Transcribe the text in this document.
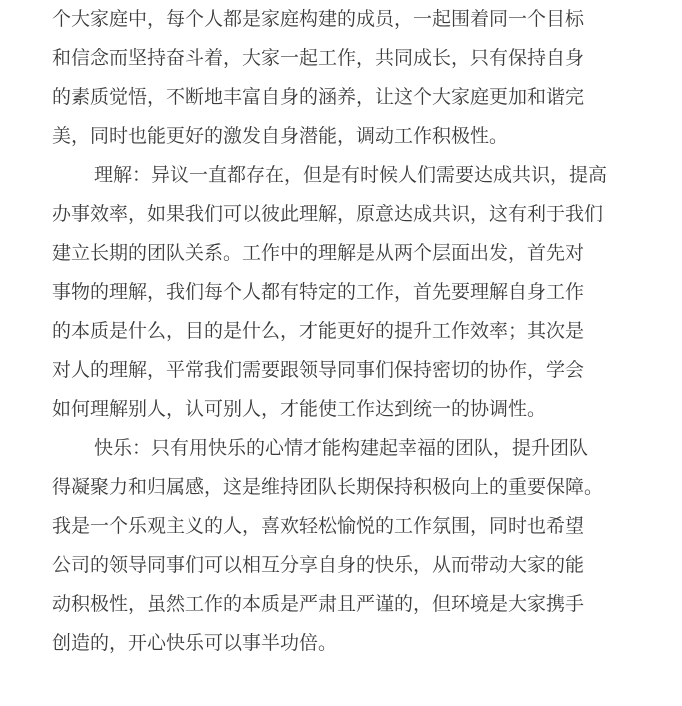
个大家庭中，每个人都是家庭构建的成员，一起围着同一个目标
和信念而坚持奋斗着，大家一起工作，共同成长，只有保持自身
的素质觉悟，不断地丰富自身的涵养，让这个大家庭更加和谐完
美，同时也能更好的激发自身潜能，调动工作积极性。
理解：异议一直都存在，但是有时候人们需要达成共识，提高
办事效率，如果我们可以彼此理解，原意达成共识，这有利于我们
建立长期的团队关系。工作中的理解是从两个层面出发，首先对
事物的理解，我们每个人都有特定的工作，首先要理解自身工作
的本质是什么，目的是什么，才能更好的提升工作效率；其次是
对人的理解，平常我们需要跟领导同事们保持密切的协作，学会
如何理解别人，认可别人，才能使工作达到统一的协调性。
快乐：只有用快乐的心情才能构建起幸福的团队，提升团队
得凝聚力和归属感，这是维持团队长期保持积极向上的重要保障。
我是一个乐观主义的人，喜欢轻松愉悦的工作氛围，同时也希望
公司的领导同事们可以相互分享自身的快乐，从而带动大家的能
动积极性，虽然工作的本质是严肃且严谨的，但环境是大家携手
创造的，开心快乐可以事半功倍。
